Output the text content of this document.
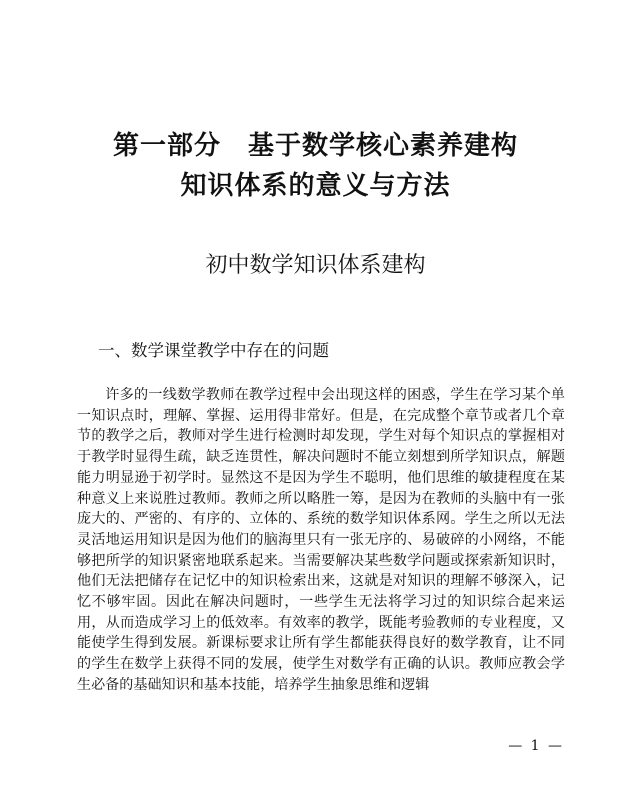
第一部分　基于数学核心素养建构
知识体系的意义与方法
初中数学知识体系建构
一、数学课堂教学中存在的问题

许多的一线数学教师在教学过程中会出现这样的困惑，学生在学习某个单一知识点时，理解、掌握、运用得非常好。但是，在完成整个章节或者几个章节的教学之后，教师对学生进行检测时却发现，学生对每个知识点的掌握相对于教学时显得生疏，缺乏连贯性，解决问题时不能立刻想到所学知识点，解题能力明显逊于初学时。显然这不是因为学生不聪明，他们思维的敏捷程度在某种意义上来说胜过教师。教师之所以略胜一筹，是因为在教师的头脑中有一张庞大的、严密的、有序的、立体的、系统的数学知识体系网。学生之所以无法灵活地运用知识是因为他们的脑海里只有一张无序的、易破碎的小网络，不能够把所学的知识紧密地联系起来。当需要解决某些数学问题或探索新知识时，他们无法把储存在记忆中的知识检索出来，这就是对知识的理解不够深入，记忆不够牢固。因此在解决问题时，一些学生无法将学习过的知识综合起来运用，从而造成学习上的低效率。有效率的教学，既能考验教师的专业程度，又能使学生得到发展。新课标要求让所有学生都能获得良好的数学教育，让不同的学生在数学上获得不同的发展，使学生对数学有正确的认识。教师应教会学生必备的基础知识和基本技能，培养学生抽象思维和逻辑

— 1 —
